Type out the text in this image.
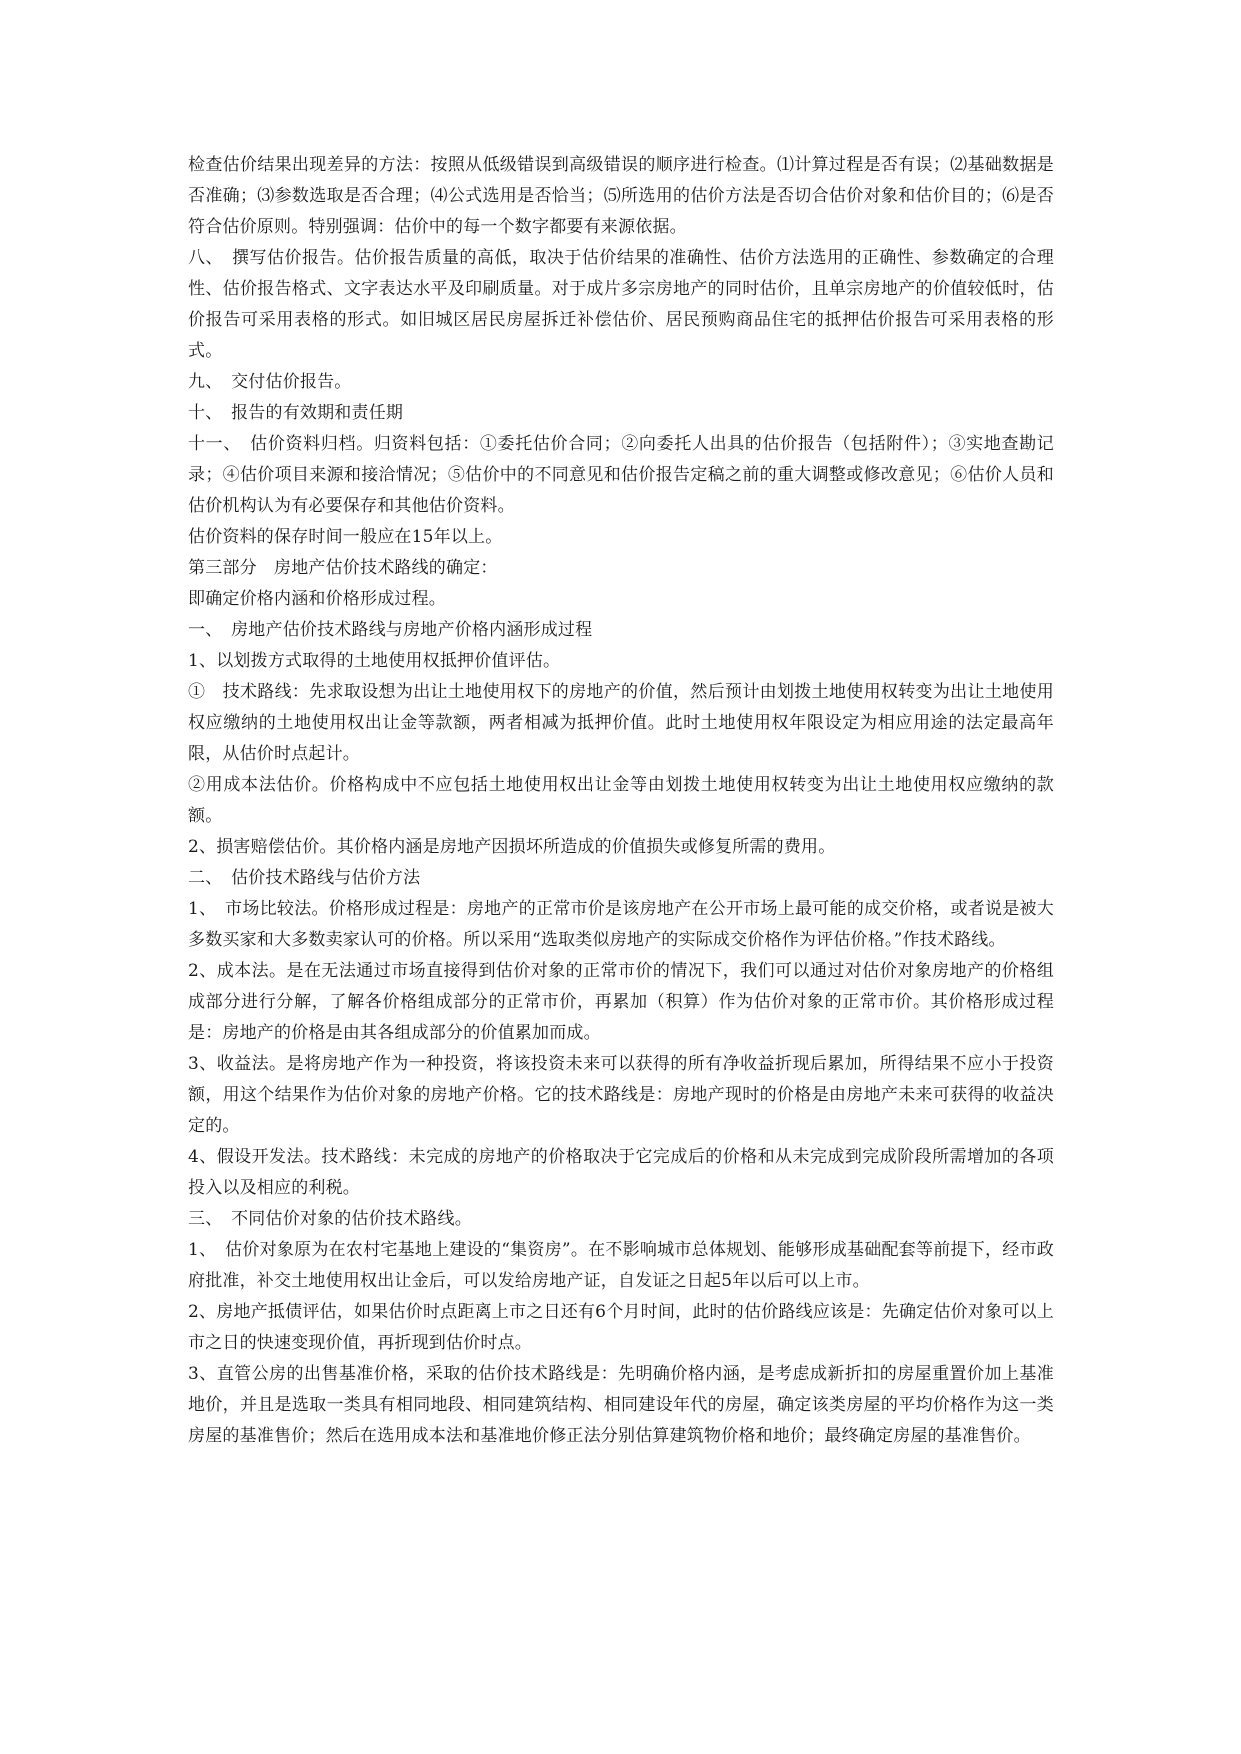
检查估价结果出现差异的方法：按照从低级错误到高级错误的顺序进行检查。⑴计算过程是否有误；⑵基础数据是否准确；⑶参数选取是否合理；⑷公式选用是否恰当；⑸所选用的估价方法是否切合估价对象和估价目的；⑹是否符合估价原则。特别强调：估价中的每一个数字都要有来源依据。

八、　撰写估价报告。估价报告质量的高低，取决于估价结果的准确性、估价方法选用的正确性、参数确定的合理性、估价报告格式、文字表达水平及印刷质量。对于成片多宗房地产的同时估价，且单宗房地产的价值较低时，估价报告可采用表格的形式。如旧城区居民房屋拆迁补偿估价、居民预购商品住宅的抵押估价报告可采用表格的形式。

九、　交付估价报告。

十、　报告的有效期和责任期

十一、　估价资料归档。归资料包括：①委托估价合同；②向委托人出具的估价报告（包括附件）；③实地查勘记录；④估价项目来源和接洽情况；⑤估价中的不同意见和估价报告定稿之前的重大调整或修改意见；⑥估价人员和估价机构认为有必要保存和其他估价资料。

估价资料的保存时间一般应在15年以上。

第三部分　房地产估价技术路线的确定：

即确定价格内涵和价格形成过程。

一、　房地产估价技术路线与房地产价格内涵形成过程

1、以划拨方式取得的土地使用权抵押价值评估。

①　技术路线：先求取设想为出让土地使用权下的房地产的价值，然后预计由划拨土地使用权转变为出让土地使用权应缴纳的土地使用权出让金等款额，两者相减为抵押价值。此时土地使用权年限设定为相应用途的法定最高年限，从估价时点起计。

②用成本法估价。价格构成中不应包括土地使用权出让金等由划拨土地使用权转变为出让土地使用权应缴纳的款额。

2、损害赔偿估价。其价格内涵是房地产因损坏所造成的价值损失或修复所需的费用。

二、　估价技术路线与估价方法

1、　市场比较法。价格形成过程是：房地产的正常市价是该房地产在公开市场上最可能的成交价格，或者说是被大多数买家和大多数卖家认可的价格。所以采用“选取类似房地产的实际成交价格作为评估价格。”作技术路线。

2、成本法。是在无法通过市场直接得到估价对象的正常市价的情况下，我们可以通过对估价对象房地产的价格组成部分进行分解，了解各价格组成部分的正常市价，再累加（积算）作为估价对象的正常市价。其价格形成过程是：房地产的价格是由其各组成部分的价值累加而成。

3、收益法。是将房地产作为一种投资，将该投资未来可以获得的所有净收益折现后累加，所得结果不应小于投资额，用这个结果作为估价对象的房地产价格。它的技术路线是：房地产现时的价格是由房地产未来可获得的收益决定的。

4、假设开发法。技术路线：未完成的房地产的价格取决于它完成后的价格和从未完成到完成阶段所需增加的各项投入以及相应的利税。

三、　不同估价对象的估价技术路线。

1、　估价对象原为在农村宅基地上建设的“集资房”。在不影响城市总体规划、能够形成基础配套等前提下，经市政府批准，补交土地使用权出让金后，可以发给房地产证，自发证之日起5年以后可以上市。

2、房地产抵债评估，如果估价时点距离上市之日还有6个月时间，此时的估价路线应该是：先确定估价对象可以上市之日的快速变现价值，再折现到估价时点。

3、直管公房的出售基准价格，采取的估价技术路线是：先明确价格内涵，是考虑成新折扣的房屋重置价加上基准地价，并且是选取一类具有相同地段、相同建筑结构、相同建设年代的房屋，确定该类房屋的平均价格作为这一类房屋的基准售价；然后在选用成本法和基准地价修正法分别估算建筑物价格和地价；最终确定房屋的基准售价。
